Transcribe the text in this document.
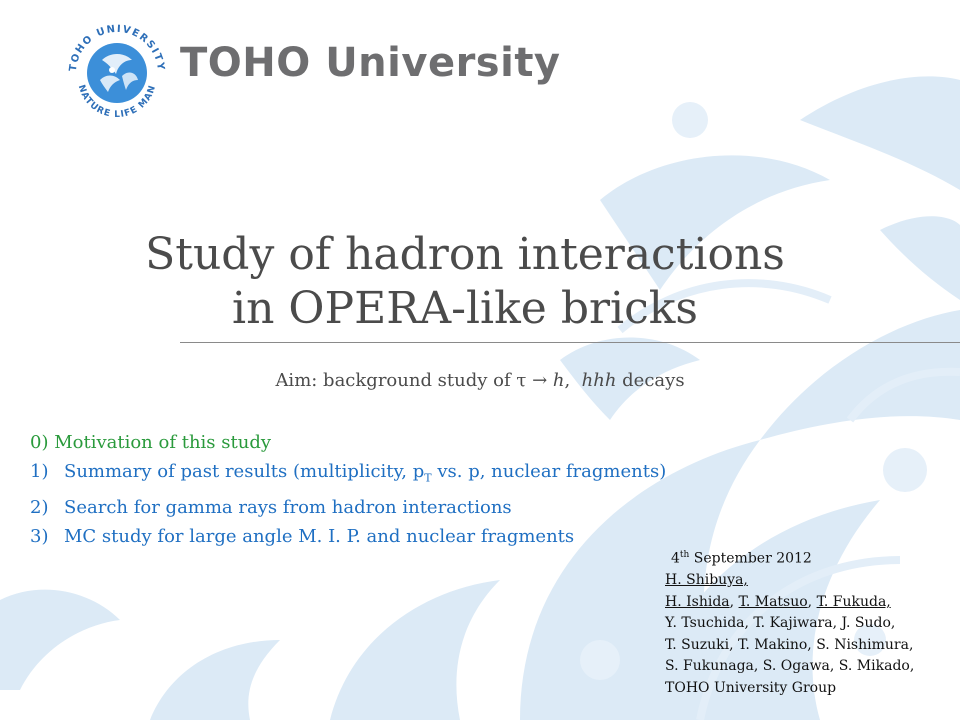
TOHO UNIVERSITY
NATURE LIFE MAN
TOHO University
Study of hadron interactions
in OPERA-like bricks
Aim: background study of τ → h,  hhh decays
0) Motivation of this study
1) Summary of past results (multiplicity, $p_T$ vs. p, nuclear fragments)
2) Search for gamma rays from hadron interactions
3) MC study for large angle M. I. P. and nuclear fragments
4th September 2012
H. Shibuya,
H. Ishida, T. Matsuo, T. Fukuda,
Y. Tsuchida, T. Kajiwara, J. Sudo,
T. Suzuki, T. Makino, S. Nishimura,
S. Fukunaga, S. Ogawa, S. Mikado,
TOHO University Group
